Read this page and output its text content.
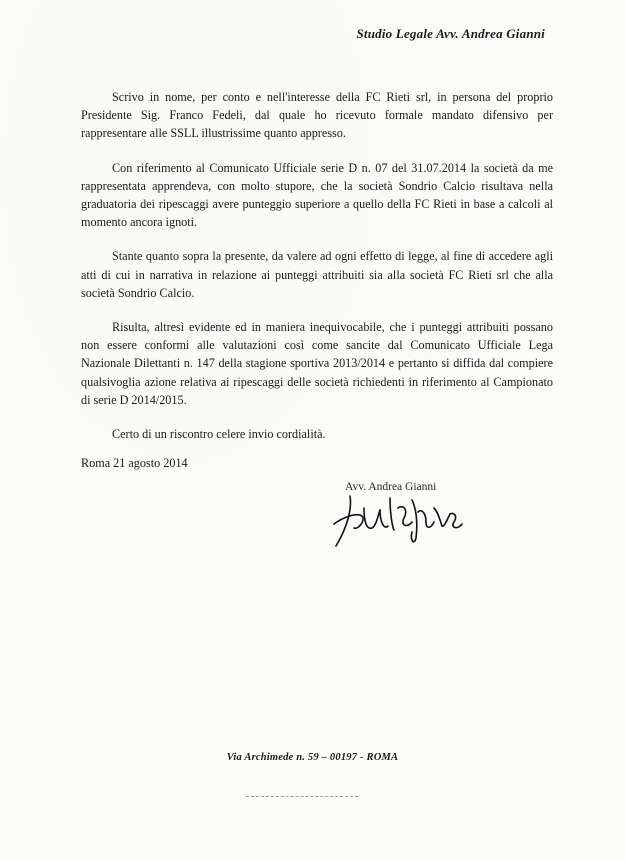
Studio Legale Avv. Andrea Gianni

Scrivo in nome, per conto e nell'interesse della FC Rieti srl, in persona del proprio Presidente Sig. Franco Fedeli, dal quale ho ricevuto formale mandato difensivo per rappresentare alle SSLL illustrissime quanto appresso.

Con riferimento al Comunicato Ufficiale serie D n. 07 del 31.07.2014 la società da me rappresentata apprendeva, con molto stupore, che la società Sondrio Calcio risultava nella graduatoria dei ripescaggi avere punteggio superiore a quello della FC Rieti in base a calcoli al momento ancora ignoti.

Stante quanto sopra la presente, da valere ad ogni effetto di legge, al fine di accedere agli atti di cui in narrativa in relazione ai punteggi attribuiti sia alla società FC Rieti srl che alla società Sondrio Calcio.

Risulta, altresì evidente ed in maniera inequivocabile, che i punteggi attribuiti possano non essere conformi alle valutazioni così come sancite dal Comunicato Ufficiale Lega Nazionale Dilettanti n. 147 della stagione sportiva 2013/2014 e pertanto si diffida dal compiere qualsivoglia azione relativa ai ripescaggi delle società richiedenti in riferimento al Campionato di serie D 2014/2015.

Certo di un riscontro celere invio cordialità.

Roma 21 agosto 2014
Avv. Andrea Gianni
Via Archimede n. 59 – 00197 - ROMA
